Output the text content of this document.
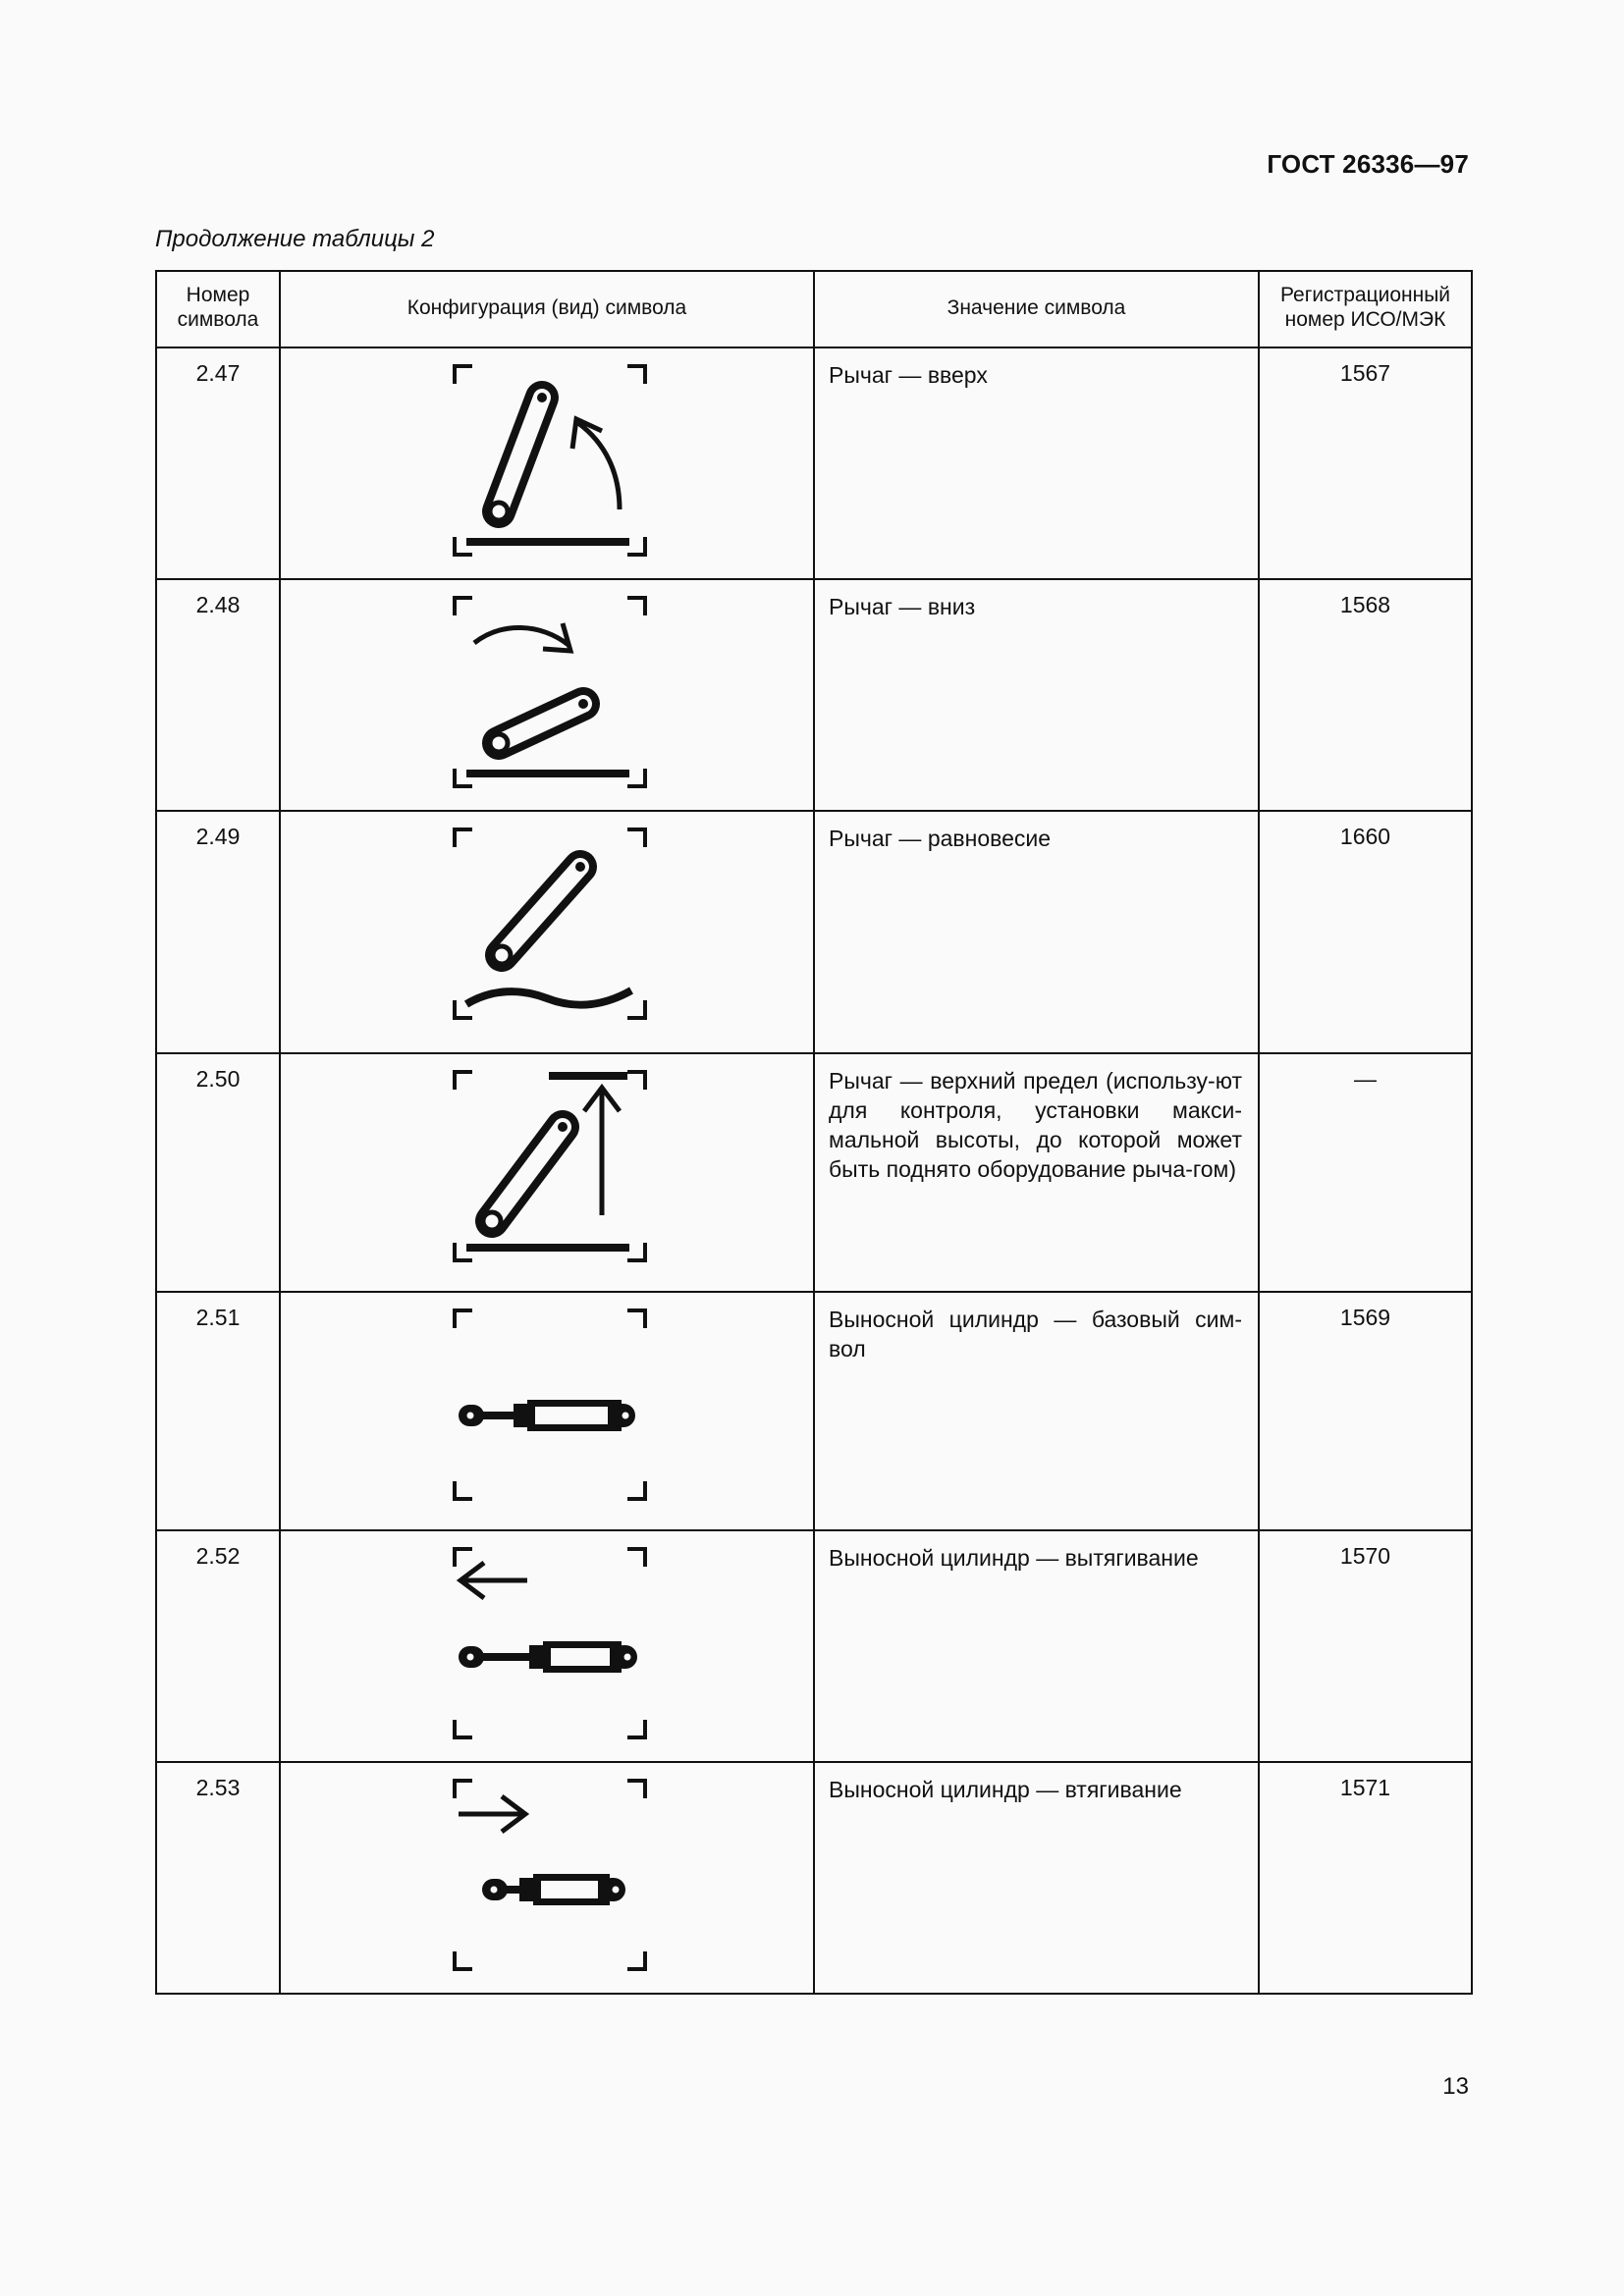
ГОСТ 26336—97
Продолжение таблицы 2
Номер символа	Конфигурация (вид) символа	Значение символа	Регистрационный номер ИСО/МЭК

2.47		Рычаг — вверх	1567
2.48		Рычаг — вниз	1568
2.49		Рычаг — равновесие	1660
2.50		Рычаг — верхний предел (использу-ют для контроля, установки макси-мальной высоты, до которой может быть поднято оборудование рыча-гом)	—
2.51		Выносной цилиндр — базовый сим-вол	1569
2.52		Выносной цилиндр — вытягивание	1570
2.53		Выносной цилиндр — втягивание	1571
13
